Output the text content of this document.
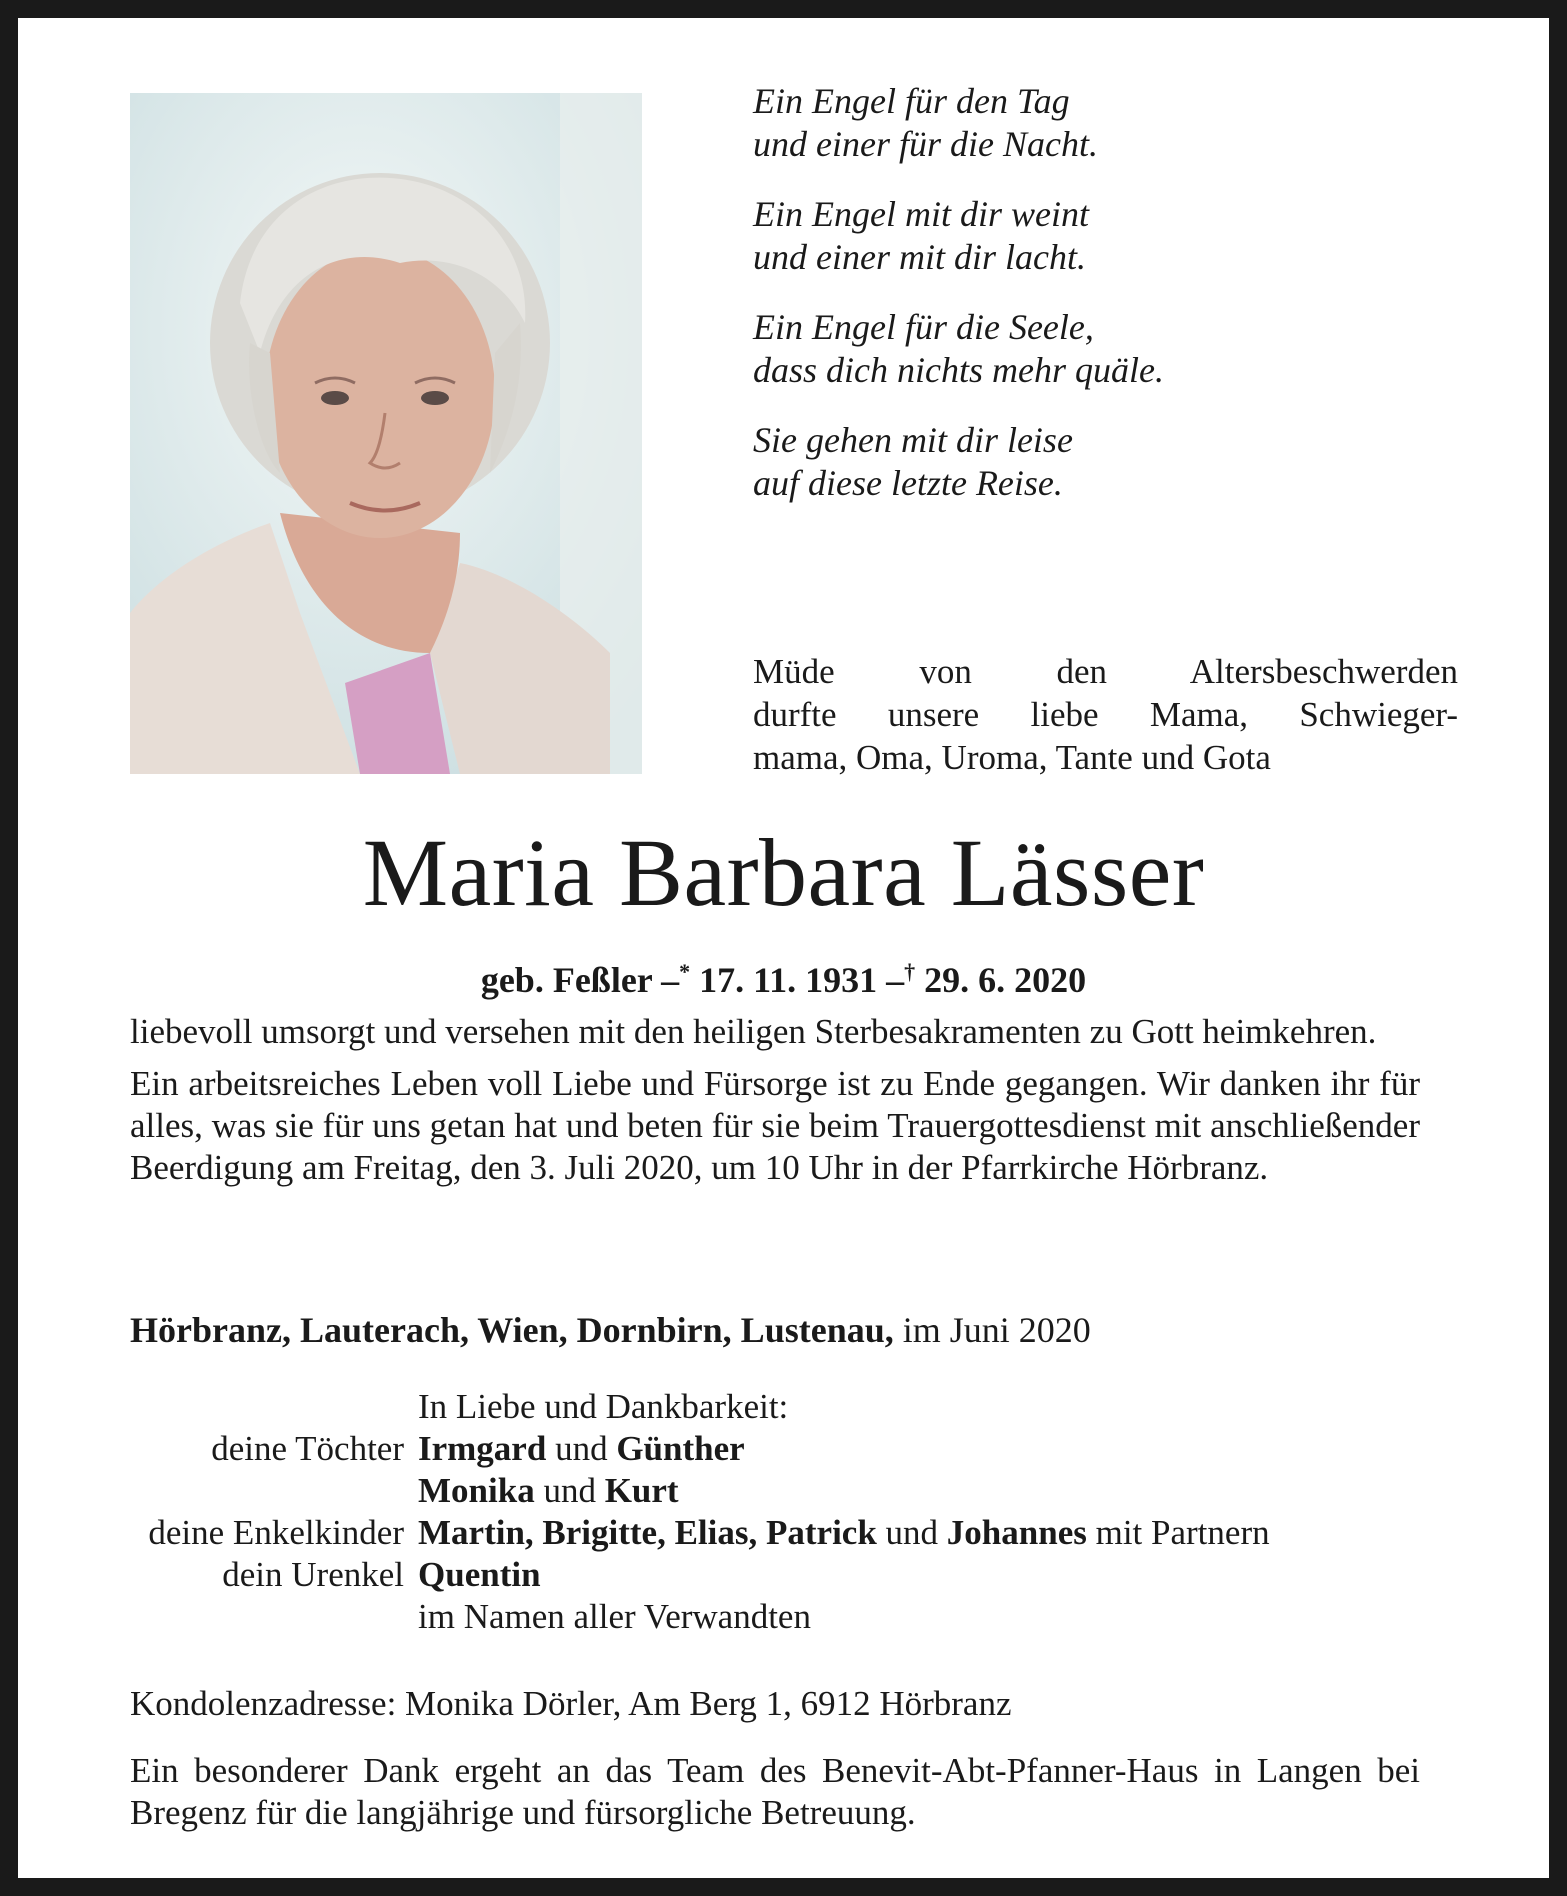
Ein Engel für den Tag
und einer für die Nacht.
Ein Engel mit dir weint
und einer mit dir lacht.
Ein Engel für die Seele,
dass dich nichts mehr quäle.
Sie gehen mit dir leise
auf diese letzte Reise.
Müde von den Altersbeschwerden
durfte unsere liebe Mama, Schwieger-
mama, Oma, Uroma, Tante und Gota
Maria Barbara Lässer
geb. Feßler –* 17. 11. 1931 –† 29. 6. 2020

liebevoll umsorgt und versehen mit den heiligen Sterbesakramenten zu Gott heimkehren.

Ein arbeitsreiches Leben voll Liebe und Fürsorge ist zu Ende gegangen. Wir danken ihr für alles, was sie für uns getan hat und beten für sie beim Trauergottesdienst mit anschließender Beerdigung am Freitag, den 3. Juli 2020, um 10 Uhr in der Pfarrkirche Hörbranz.

Hörbranz, Lauterach, Wien, Dornbirn, Lustenau, im Juni 2020
In Liebe und Dankbarkeit:
deine Töchter Irmgard und Günther
Monika und Kurt
deine Enkelkinder Martin, Brigitte, Elias, Patrick und Johannes mit Partnern
dein Urenkel Quentin
im Namen aller Verwandten
Kondolenzadresse: Monika Dörler, Am Berg 1, 6912 Hörbranz
Ein besonderer Dank ergeht an das Team des Benevit-Abt-Pfanner-Haus in Langen bei Bregenz für die langjährige und fürsorgliche Betreuung.
